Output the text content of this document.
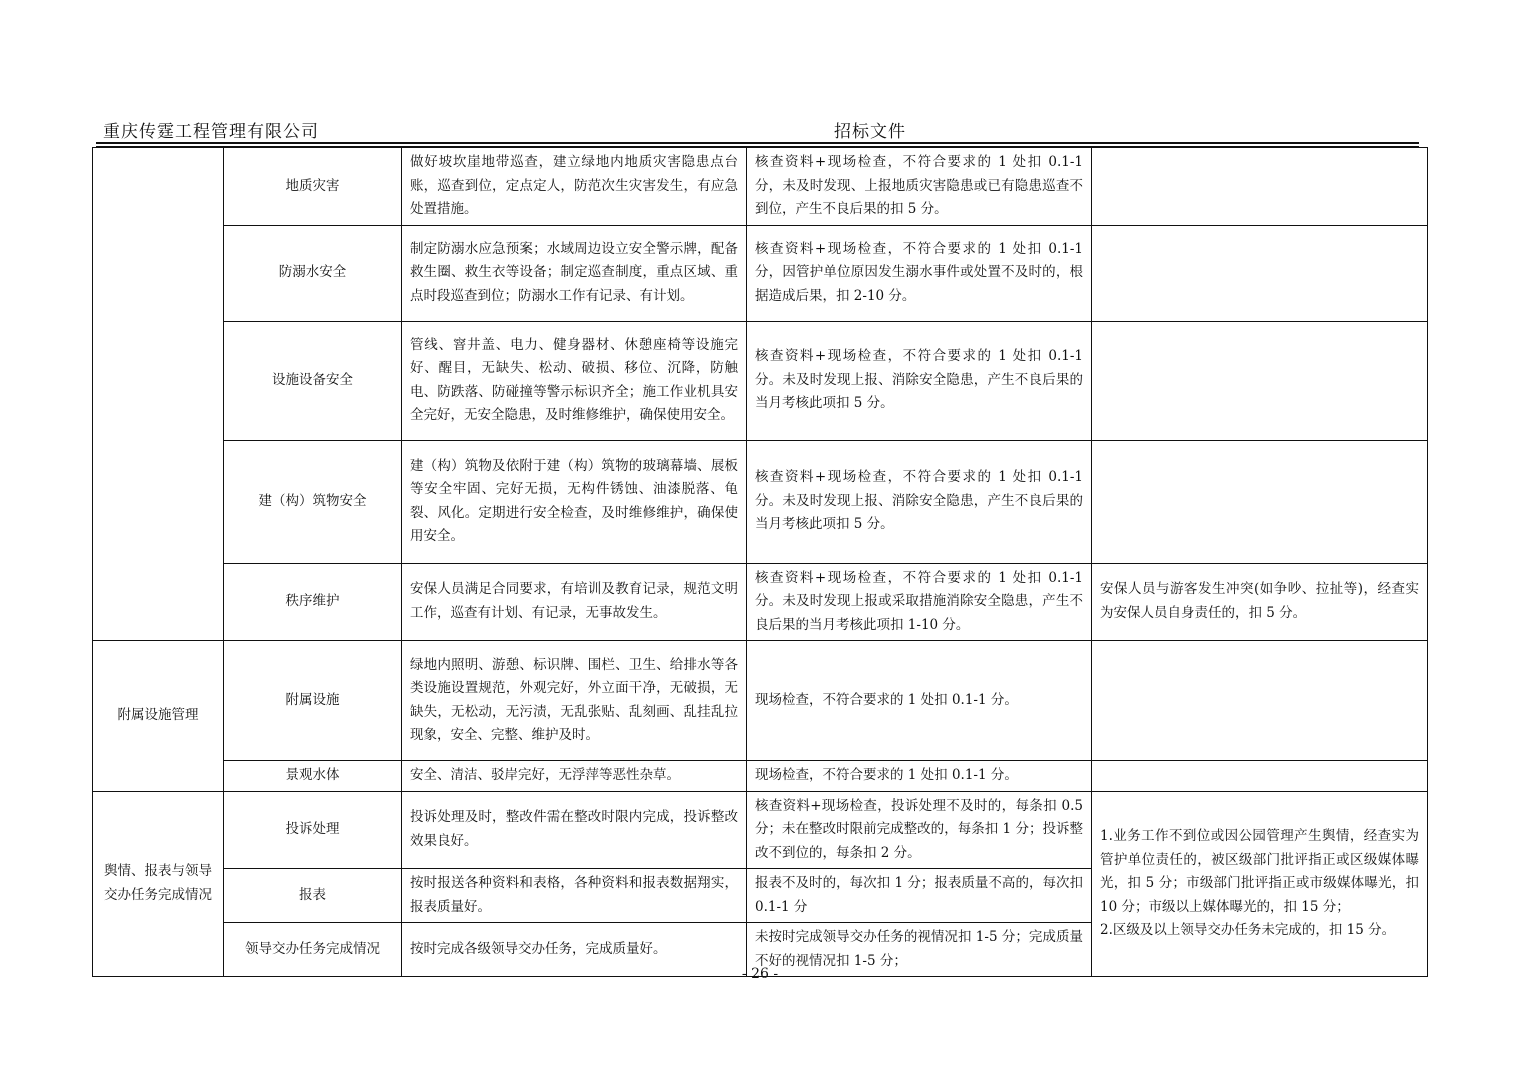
重庆传霆工程管理有限公司	招标文件
	地质灾害	做好坡坎崖地带巡查，建立绿地内地质灾害隐患点台账，巡查到位，定点定人，防范次生灾害发生，有应急处置措施。	核查资料+现场检查，不符合要求的 1 处扣 0.1-1 分，未及时发现、上报地质灾害隐患或已有隐患巡查不到位，产生不良后果的扣 5 分。	
	防溺水安全	制定防溺水应急预案；水域周边设立安全警示牌，配备救生圈、救生衣等设备；制定巡查制度，重点区域、重点时段巡查到位；防溺水工作有记录、有计划。	核查资料+现场检查，不符合要求的 1 处扣 0.1-1 分，因管护单位原因发生溺水事件或处置不及时的，根据造成后果，扣 2-10 分。	
	设施设备安全	管线、窨井盖、电力、健身器材、休憩座椅等设施完好、醒目，无缺失、松动、破损、移位、沉降，防触电、防跌落、防碰撞等警示标识齐全；施工作业机具安全完好，无安全隐患，及时维修维护，确保使用安全。	核查资料+现场检查，不符合要求的 1 处扣 0.1-1 分。未及时发现上报、消除安全隐患，产生不良后果的当月考核此项扣 5 分。	
	建（构）筑物安全	建（构）筑物及依附于建（构）筑物的玻璃幕墙、展板等安全牢固、完好无损，无构件锈蚀、油漆脱落、龟裂、风化。定期进行安全检查，及时维修维护，确保使用安全。	核查资料+现场检查，不符合要求的 1 处扣 0.1-1 分。未及时发现上报、消除安全隐患，产生不良后果的当月考核此项扣 5 分。	
	秩序维护	安保人员满足合同要求，有培训及教育记录，规范文明工作，巡查有计划、有记录，无事故发生。	核查资料+现场检查，不符合要求的 1 处扣 0.1-1 分。未及时发现上报或采取措施消除安全隐患，产生不良后果的当月考核此项扣 1-10 分。	安保人员与游客发生冲突(如争吵、拉扯等)，经查实为安保人员自身责任的，扣 5 分。
附属设施管理	附属设施	绿地内照明、游憩、标识牌、围栏、卫生、给排水等各类设施设置规范，外观完好，外立面干净，无破损，无缺失，无松动，无污渍，无乱张贴、乱刻画、乱挂乱拉现象，安全、完整、维护及时。	现场检查，不符合要求的 1 处扣 0.1-1 分。	
	景观水体	安全、清洁、驳岸完好，无浮萍等恶性杂草。	现场检查，不符合要求的 1 处扣 0.1-1 分。	
舆情、报表与领导交办任务完成情况	投诉处理	投诉处理及时，整改件需在整改时限内完成，投诉整改效果良好。	核查资料+现场检查，投诉处理不及时的，每条扣 0.5 分；未在整改时限前完成整改的，每条扣 1 分；投诉整改不到位的，每条扣 2 分。	1.业务工作不到位或因公园管理产生舆情，经查实为管护单位责任的，被区级部门批评指正或区级媒体曝光，扣 5 分；市级部门批评指正或市级媒体曝光，扣 10 分；市级以上媒体曝光的，扣 15 分；
2.区级及以上领导交办任务未完成的，扣 15 分。
	报表	按时报送各种资料和表格，各种资料和报表数据翔实，报表质量好。	报表不及时的，每次扣 1 分；报表质量不高的，每次扣 0.1-1 分	
	领导交办任务完成情况	按时完成各级领导交办任务，完成质量好。	未按时完成领导交办任务的视情况扣 1-5 分；完成质量不好的视情况扣 1-5 分；	
- 26 -
